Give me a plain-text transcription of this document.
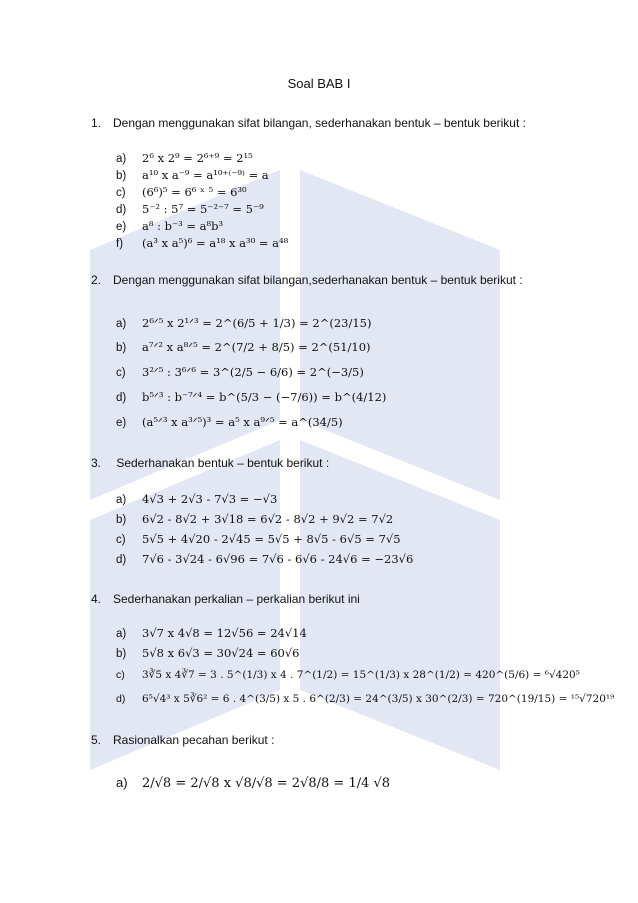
Soal BAB I
1. Dengan menggunakan sifat bilangan, sederhanakan bentuk – bentuk berikut :
a) 2⁶ x 2⁹ = 2⁶⁺⁹ = 2¹⁵
b) a¹⁰ x a⁻⁹ = a¹⁰⁺⁽⁻⁹⁾ = a
c) (6⁶)⁵ = 6⁶ ˣ ⁵ = 6³⁰
d) 5⁻² : 5⁷ = 5⁻²⁻⁷ = 5⁻⁹
e) a⁸ : b⁻³ = a⁸b³
f) (a³ x a⁵)⁶ = a¹⁸ x a³⁰ = a⁴⁸
2. Dengan menggunakan sifat bilangan,sederhanakan bentuk – bentuk berikut :
a) 2⁶ᐟ⁵ x 2¹ᐟ³ = 2^(6/5 + 1/3) = 2^(23/15)
b) a⁷ᐟ² x a⁸ᐟ⁵ = 2^(7/2 + 8/5) = 2^(51/10)
c) 3²ᐟ⁵ : 3⁶ᐟ⁶ = 3^(2/5 − 6/6) = 2^(−3/5)
d) b⁵ᐟ³ : b⁻⁷ᐟ⁴ = b^(5/3 − (−7/6)) = b^(4/12)
e) (a⁵ᐟ³ x a³ᐟ⁵)³ = a⁵ x a⁹ᐟ⁵ = a^(34/5)
3. Sederhanakan bentuk – bentuk berikut :
a) 4√3 + 2√3 - 7√3 = −√3
b) 6√2 - 8√2 + 3√18 = 6√2 - 8√2 + 9√2 = 7√2
c) 5√5 + 4√20 - 2√45 = 5√5 + 8√5 - 6√5 = 7√5
d) 7√6 - 3√24 - 6√96 = 7√6 - 6√6 - 24√6 = −23√6
4. Sederhanakan perkalian – perkalian berikut ini
a) 3√7 x 4√8 = 12√56 = 24√14
b) 5√8 x 6√3 = 30√24 = 60√6
c) 3∛5 x 4∛7 = 3 . 5^(1/3) x 4 . 7^(1/2) = 15^(1/3) x 28^(1/2) = 420^(5/6) = ⁶√420⁵
d) 6⁵√4³ x 5∛6² = 6 . 4^(3/5) x 5 . 6^(2/3) = 24^(3/5) x 30^(2/3) = 720^(19/15) = ¹⁵√720¹⁹
5. Rasionalkan pecahan berikut :
a) 2/√8 = 2/√8 x √8/√8 = 2√8/8 = 1/4 √8
